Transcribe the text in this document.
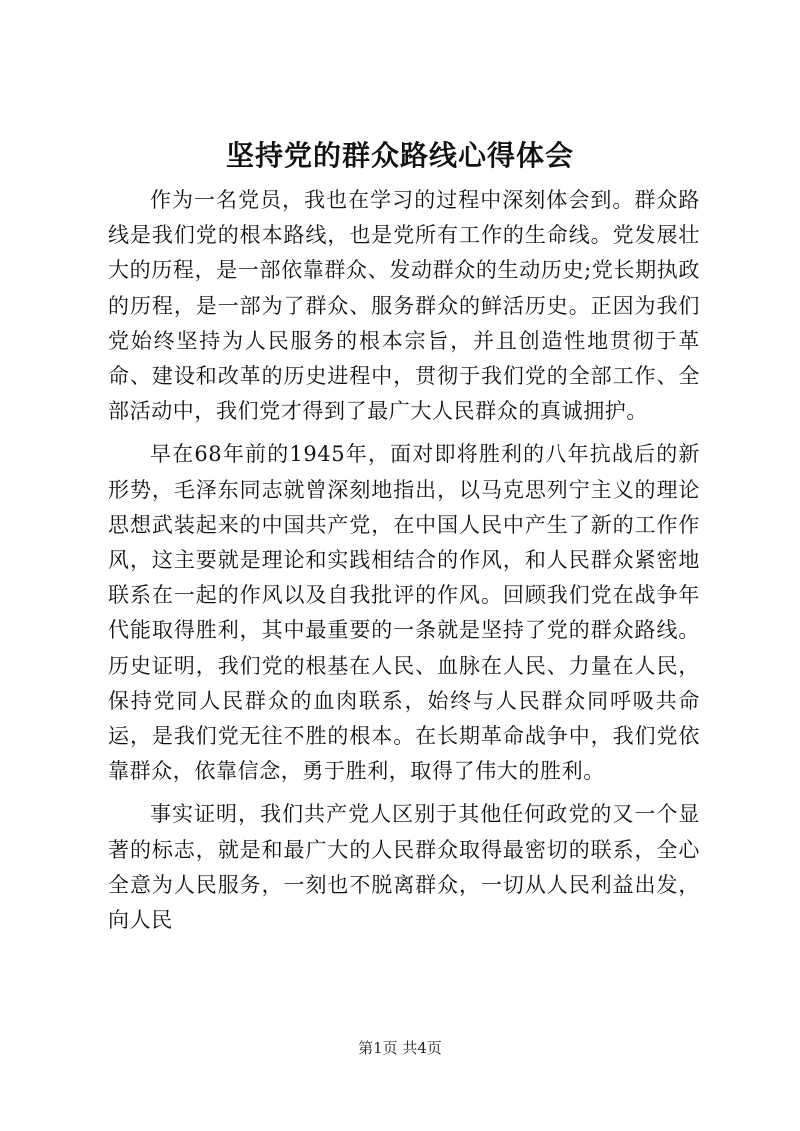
坚持党的群众路线心得体会

作为一名党员，我也在学习的过程中深刻体会到。群众路线是我们党的根本路线，也是党所有工作的生命线。党发展壮大的历程，是一部依靠群众、发动群众的生动历史;党长期执政的历程，是一部为了群众、服务群众的鲜活历史。正因为我们党始终坚持为人民服务的根本宗旨，并且创造性地贯彻于革命、建设和改革的历史进程中，贯彻于我们党的全部工作、全部活动中，我们党才得到了最广大人民群众的真诚拥护。

早在68年前的1945年，面对即将胜利的八年抗战后的新形势，毛泽东同志就曾深刻地指出，以马克思列宁主义的理论思想武装起来的中国共产党，在中国人民中产生了新的工作作风，这主要就是理论和实践相结合的作风，和人民群众紧密地联系在一起的作风以及自我批评的作风。回顾我们党在战争年代能取得胜利，其中最重要的一条就是坚持了党的群众路线。历史证明，我们党的根基在人民、血脉在人民、力量在人民，保持党同人民群众的血肉联系，始终与人民群众同呼吸共命运，是我们党无往不胜的根本。在长期革命战争中，我们党依靠群众，依靠信念，勇于胜利，取得了伟大的胜利。

事实证明，我们共产党人区别于其他任何政党的又一个显著的标志，就是和最广大的人民群众取得最密切的联系，全心全意为人民服务，一刻也不脱离群众，一切从人民利益出发，向人民

第1页 共4页
